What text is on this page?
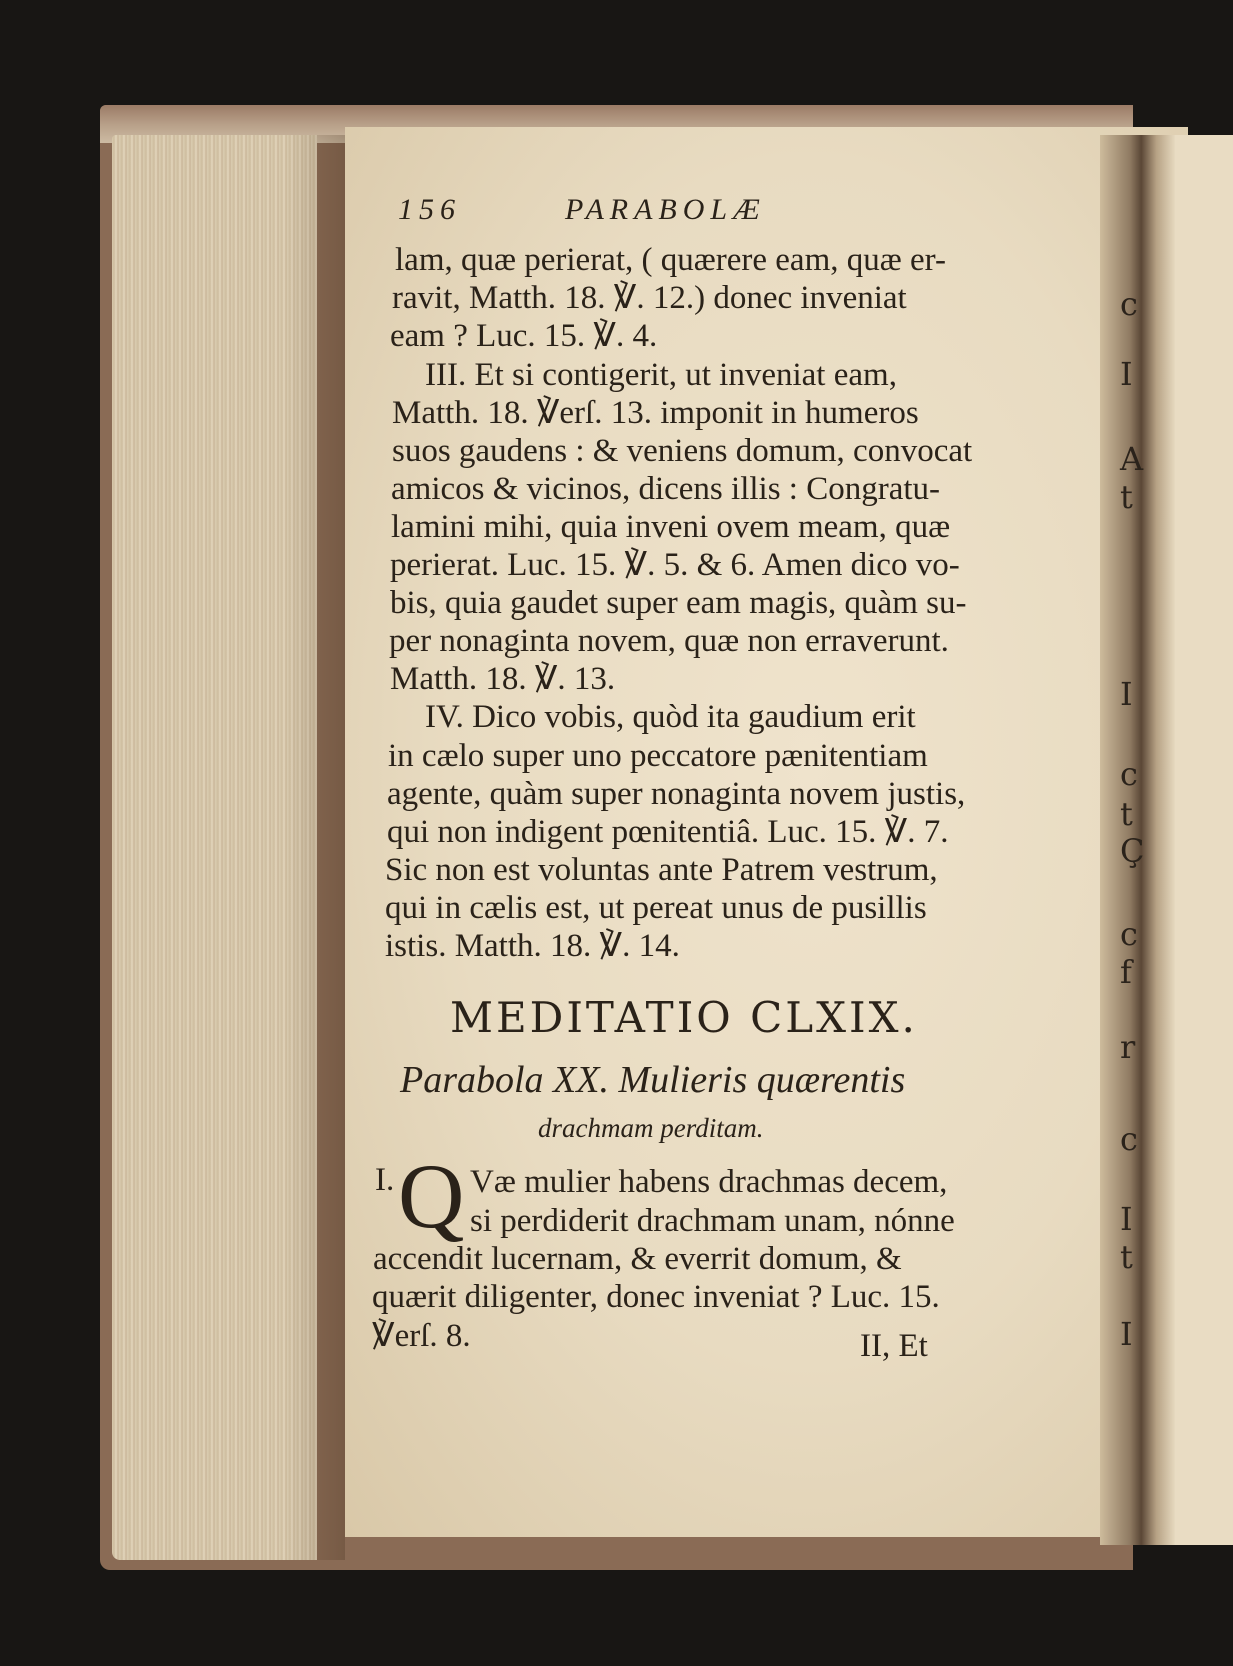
156	PARABOLÆ
lam, quæ perierat, ( quærere eam, quæ er-
ravit, Matth. 18. ℣. 12.) donec inveniat
eam ? Luc. 15. ℣. 4.
III. Et si contigerit, ut inveniat eam,
Matth. 18. ℣erſ. 13. imponit in humeros
suos gaudens : & veniens domum, convocat
amicos & vicinos, dicens illis : Congratu-
lamini mihi, quia inveni ovem meam, quæ
perierat. Luc. 15. ℣. 5. & 6. Amen dico vo-
bis, quia gaudet super eam magis, quàm su-
per nonaginta novem, quæ non erraverunt.
Matth. 18. ℣. 13.
IV. Dico vobis, quòd ita gaudium erit
in cælo super uno peccatore pænitentiam
agente, quàm super nonaginta novem justis,
qui non indigent pœnitentiâ. Luc. 15. ℣. 7.
Sic non est voluntas ante Patrem vestrum,
qui in cælis est, ut pereat unus de pusillis
istis. Matth. 18. ℣. 14.
MEDITATIO CLXIX.
Parabola XX. Mulieris quærentis
drachmam perditam.
I. Q Væ mulier habens drachmas decem,
si perdiderit drachmam unam, nónne
accendit lucernam, & everrit domum, &
quærit diligenter, donec inveniat ? Luc. 15.
℣erſ. 8.	II, Et
c
I
A
t
I
c
t
Ç
c
f
r
c
I
t
I
